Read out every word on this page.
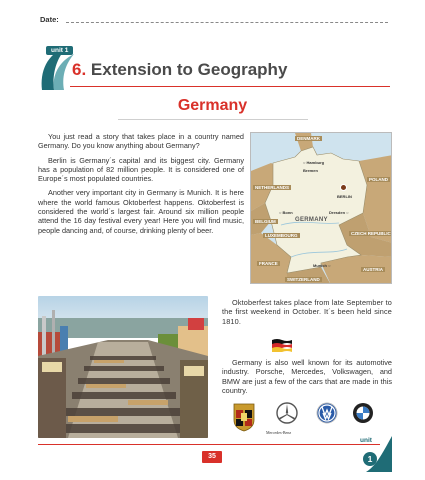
Date:
unit 1
6. Extension to Geography
Germany

You just read a story that takes place in a country named Germany. Do you know anything about Germany?

Berlin is Germany´s capital and its biggest city. Germany has a population of 82 million people. It is considered one of Europe´s most populated countries.

Another very important city in Germany is Munich. It is here where the world famous Oktoberfest happens. Oktoberfest is considered the world´s largest fair. Around six million people attend the 16 day festival every year! Here you will find music, people dancing and, of course, drinking plenty of beer.

DENMARK
NETHERLANDS
POLAND
BELGIUM
LUXEMBOURG	CZECH REPUBLIC
FRANCE
AUSTRIA
SWITZERLAND
○ Hamburg
Bremen
BERLIN
○ Bonn
GERMANY
Dresden ○
Munich ○

Oktoberfest takes place from late September to the first weekend in October. It´s been held since 1810.

Germany is also well known for its automotive industry. Porsche, Mercedes, Volkswagen, and BMW are just a few of the cars that are made in this country.

Mercedes-Benz
35
unit
1
